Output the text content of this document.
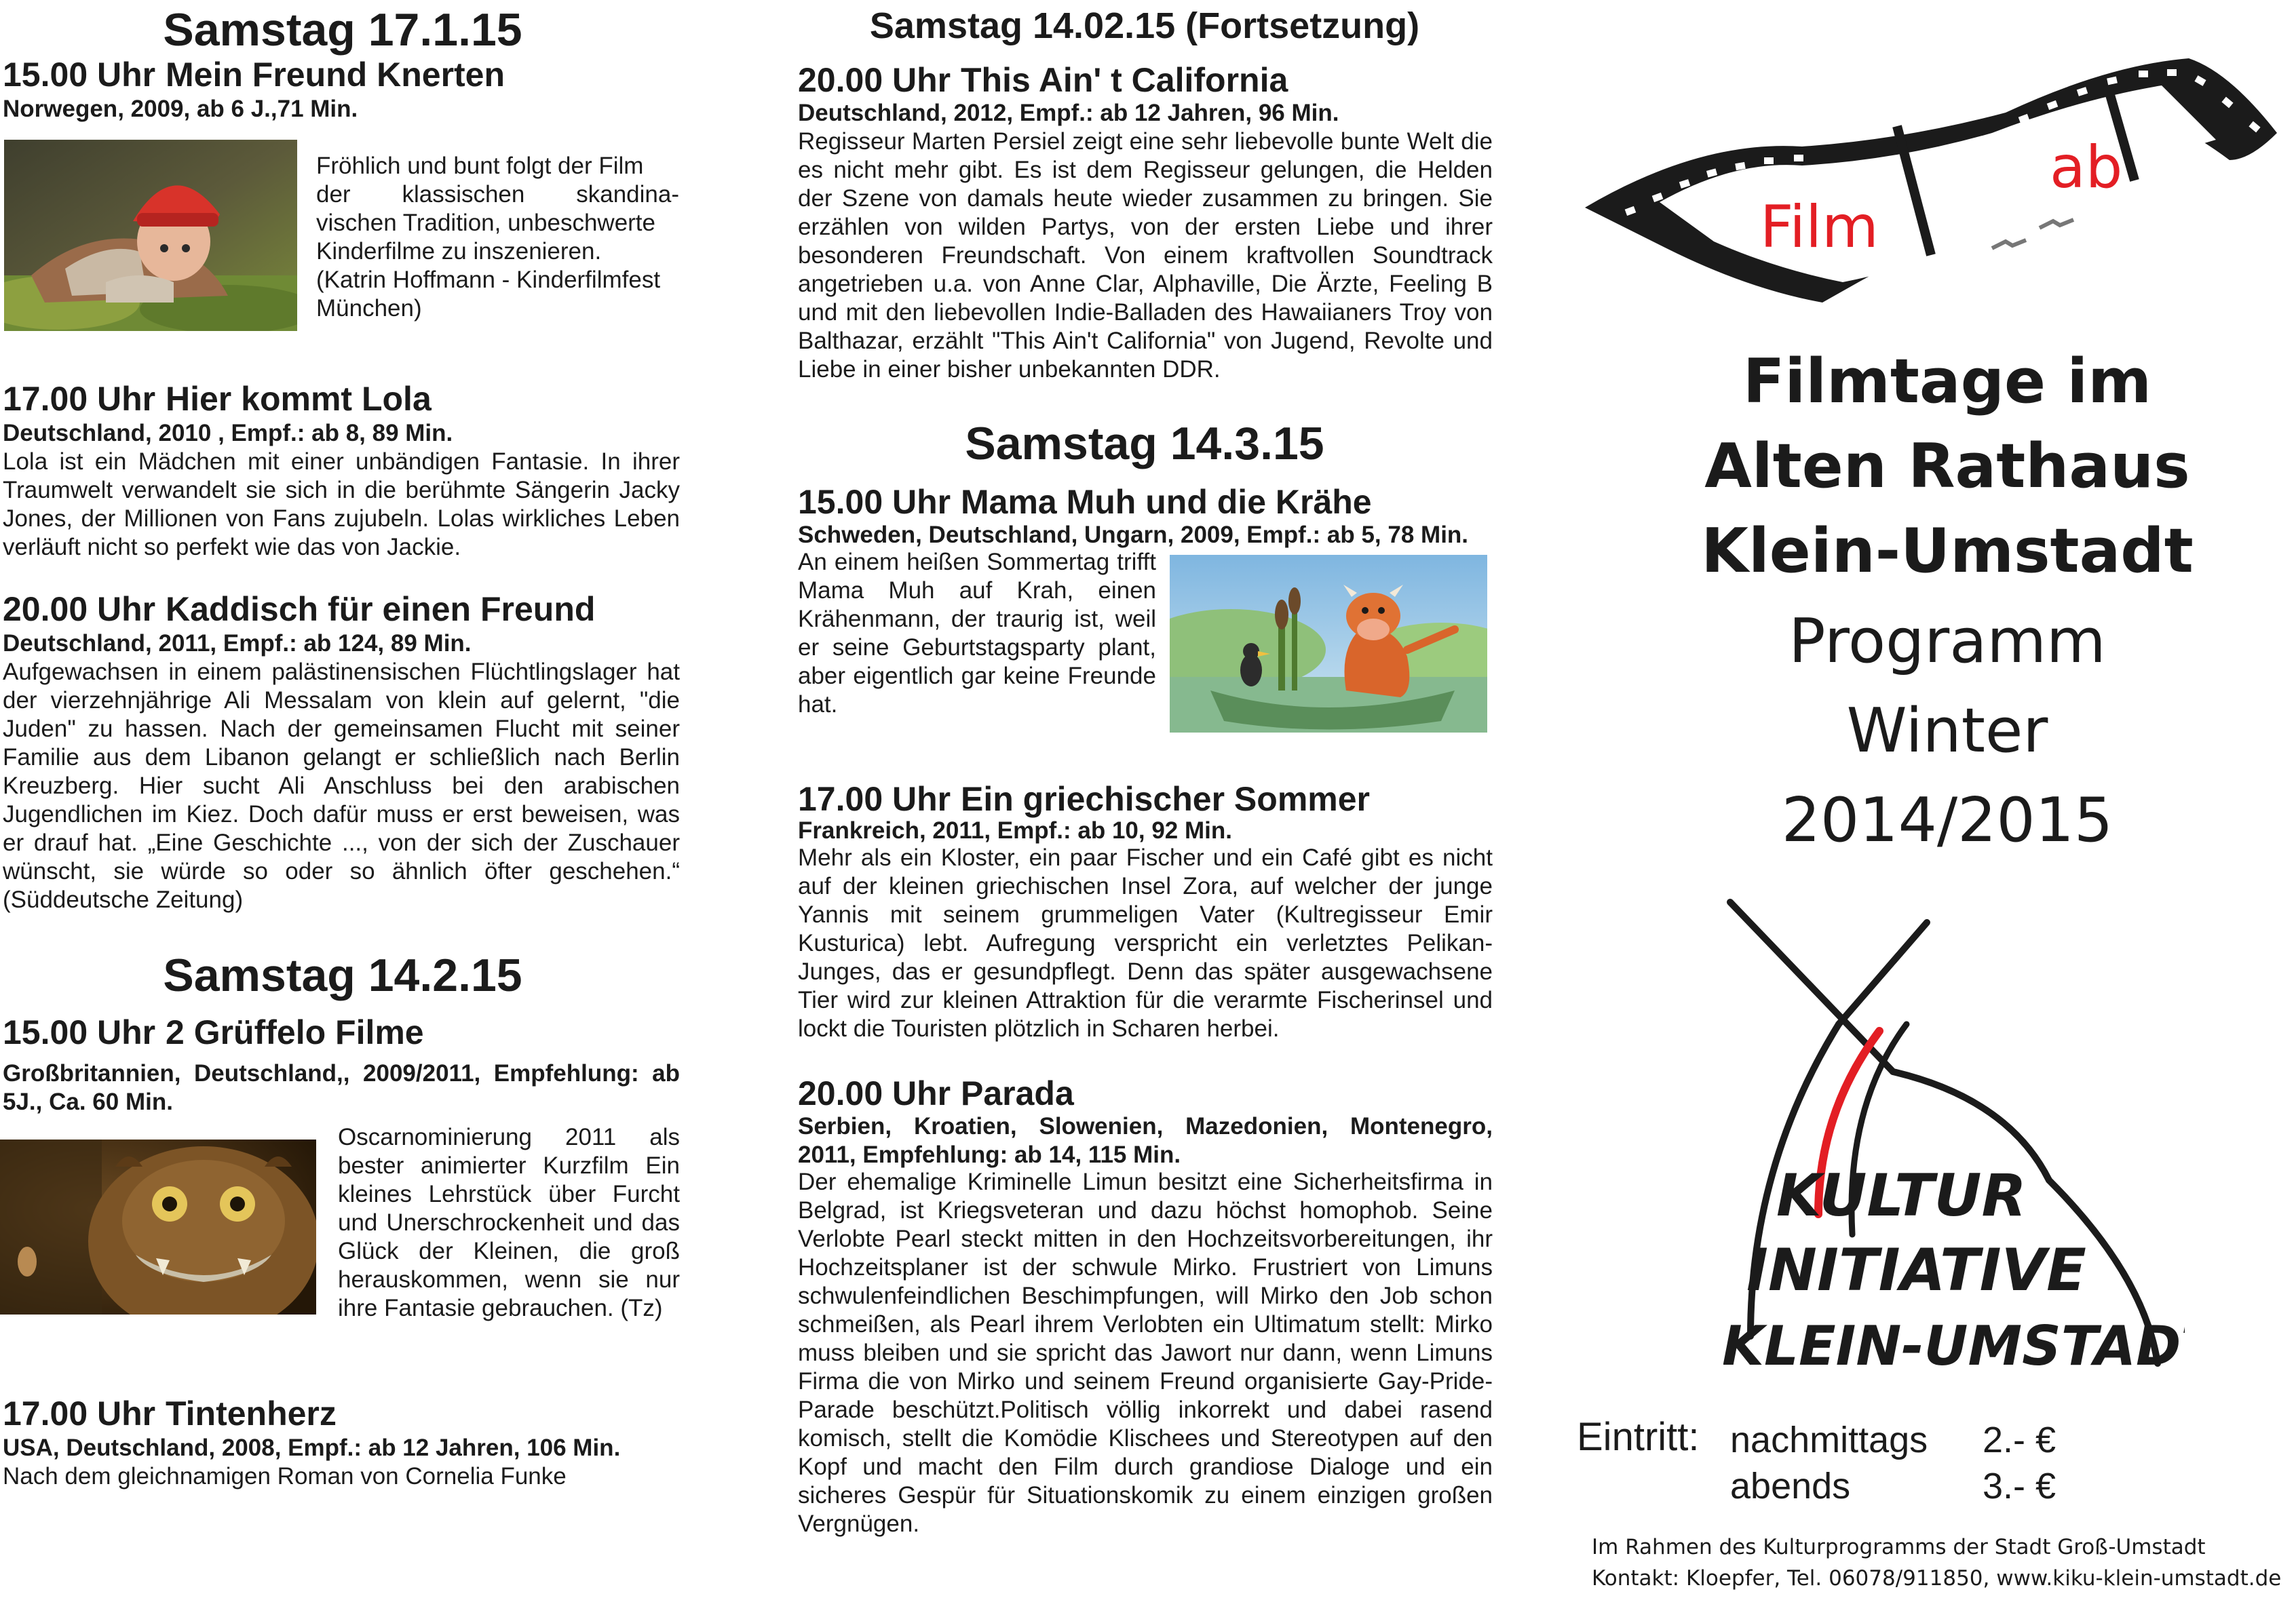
Samstag 17.1.15
15.00 Uhr Mein Freund Knerten
Norwegen, 2009, ab 6 J.,71 Min.
Fröhlich und bunt folgt der Film
der klassischen skandina-
vischen Tradition, unbeschwerte
Kinderfilme zu inszenieren.
(Katrin Hoffmann - Kinderfilmfest
München)
17.00 Uhr Hier kommt Lola
Deutschland, 2010 , Empf.: ab 8, 89 Min.
Lola ist ein Mädchen mit einer unbändigen Fantasie. In ihrer Traumwelt verwandelt sie sich in die berühmte Sängerin Jacky Jones, der Millionen von Fans zujubeln. Lolas wirkliches Leben verläuft nicht so perfekt wie das von Jackie.
20.00 Uhr Kaddisch für einen Freund
Deutschland, 2011, Empf.: ab 124, 89 Min.
Aufgewachsen in einem palästinensischen Flüchtlingslager hat der vierzehnjährige Ali Messalam von klein auf gelernt, "die Juden" zu hassen. Nach der gemeinsamen Flucht mit seiner Familie aus dem Libanon gelangt er schließlich nach Berlin Kreuzberg. Hier sucht Ali Anschluss bei den arabischen Jugendlichen im Kiez. Doch dafür muss er erst beweisen, was er drauf hat. „Eine Geschichte ..., von der sich der Zuschauer wünscht, sie würde so oder so ähnlich öfter geschehen.“ (Süddeutsche Zeitung)
Samstag 14.2.15
15.00 Uhr 2 Grüffelo Filme
Großbritannien, Deutschland,, 2009/2011, Empfehlung: ab 5J., Ca. 60 Min.
Oscarnominierung 2011 als bester animierter Kurzfilm Ein kleines Lehrstück über Furcht und Unerschrockenheit und das Glück der Kleinen, die groß herauskommen, wenn sie nur ihre Fantasie gebrauchen. (Tz)
17.00 Uhr Tintenherz
USA, Deutschland, 2008, Empf.: ab 12 Jahren, 106 Min.
Nach dem gleichnamigen Roman von Cornelia Funke
Samstag 14.02.15 (Fortsetzung)
20.00 Uhr This Ain' t California
Deutschland, 2012, Empf.: ab 12 Jahren, 96 Min.
Regisseur Marten Persiel zeigt eine sehr liebevolle bunte Welt die es nicht mehr gibt. Es ist dem Regisseur gelungen, die Helden der Szene von damals heute wieder zusammen zu bringen. Sie erzählen von wilden Partys, von der ersten Liebe und ihrer besonderen Freundschaft. Von einem kraftvollen Soundtrack angetrieben u.a. von Anne Clar, Alphaville, Die Ärzte, Feeling B und mit den liebevollen Indie-Balladen des Hawaiianers Troy von Balthazar, erzählt "This Ain't California" von Jugend, Revolte und Liebe in einer bisher unbekannten DDR.
Samstag 14.3.15
15.00 Uhr Mama Muh und die Krähe
Schweden, Deutschland, Ungarn, 2009, Empf.: ab 5, 78 Min.
An einem heißen Sommertag trifft Mama Muh auf Krah, einen Krähenmann, der traurig ist, weil er seine Geburtstagsparty plant, aber eigentlich gar keine Freunde hat.
17.00 Uhr Ein griechischer Sommer
Frankreich, 2011, Empf.: ab 10, 92 Min.
Mehr als ein Kloster, ein paar Fischer und ein Café gibt es nicht auf der kleinen griechischen Insel Zora, auf welcher der junge Yannis mit seinem grummeligen Vater (Kultregisseur Emir Kusturica) lebt. Aufregung verspricht ein verletztes Pelikan-Junges, das er gesundpflegt. Denn das später ausgewachsene Tier wird zur kleinen Attraktion für die verarmte Fischerinsel und lockt die Touristen plötzlich in Scharen herbei.
20.00 Uhr Parada
Serbien, Kroatien, Slowenien, Mazedonien, Montenegro, 2011, Empfehlung: ab 14, 115 Min.
Der ehemalige Kriminelle Limun besitzt eine Sicherheitsfirma in Belgrad, ist Kriegsveteran und dazu höchst homophob. Seine Verlobte Pearl steckt mitten in den Hochzeitsvorbereitungen, ihr Hochzeitsplaner ist der schwule Mirko. Frustriert von Limuns schwulenfeindlichen Beschimpfungen, will Mirko den Job schon schmeißen, als Pearl ihrem Verlobten ein Ultimatum stellt: Mirko muss bleiben und sie spricht das Jawort nur dann, wenn Limuns Firma die von Mirko und seinem Freund organisierte Gay-Pride-Parade beschützt.Politisch völlig inkorrekt und dabei rasend komisch, stellt die Komödie Klischees und Stereotypen auf den Kopf und macht den Film durch grandiose Dialoge und ein sicheres Gespür für Situationskomik zu einem einzigen großen Vergnügen.
Film
ab
Filmtage im
Alten Rathaus
Klein-Umstadt
Programm
Winter
2014/2015
KULTUR
INITIATIVE
KLEIN-UMSTADT
Eintritt: nachmittags 2.- €
abends	3.- €
Im Rahmen des Kulturprogramms der Stadt Groß-Umstadt
Kontakt: Kloepfer, Tel. 06078/911850, www.kiku-klein-umstadt.de
